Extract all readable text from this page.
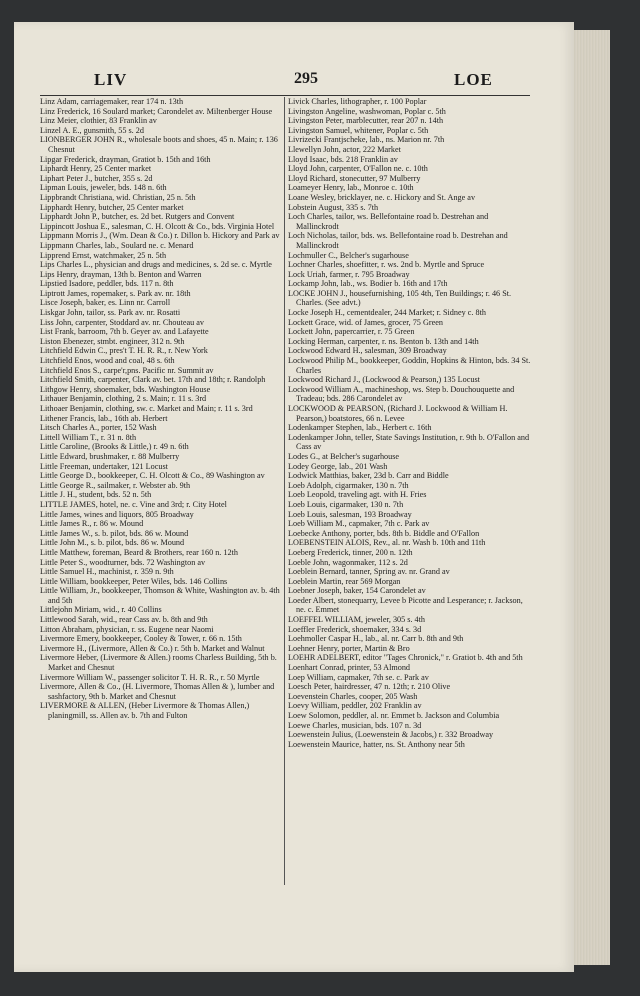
LIV	295	LOE

Linz Adam, carriagemaker, rear 174 n. 13th

Linz Frederick, 16 Soulard market; Carondelet av. Miltenberger House

Linz Meier, clothier, 83 Franklin av

Linzel A. E., gunsmith, 55 s. 2d

LIONBERGER JOHN R., wholesale boots and shoes, 45 n. Main; r. 136 Chesnut

Lipgar Frederick, drayman, Gratiot b. 15th and 16th

Liphardt Henry, 25 Center market

Liphart Peter J., butcher, 355 s. 2d

Lipman Louis, jeweler, bds. 148 n. 6th

Lippbrandt Christiana, wid. Christian, 25 n. 5th

Lipphardt Henry, butcher, 25 Center market

Lipphardt John P., butcher, es. 2d bet. Rutgers and Convent

Lippincott Joshua E., salesman, C. H. Olcott & Co., bds. Virginia Hotel

Lippmann Morris J., (Wm. Dean & Co.) r. Dillon b. Hickory and Park av

Lippmann Charles, lab., Soulard ne. c. Menard

Lipprend Ernst, watchmaker, 25 n. 5th

Lips Charles L., physician and drugs and medicines, s. 2d se. c. Myrtle

Lips Henry, drayman, 13th b. Benton and Warren

Lipstied Isadore, peddler, bds. 117 n. 8th

Liptrott James, ropemaker, s. Park av. nr. 18th

Lisce Joseph, baker, es. Linn nr. Carroll

Liskgar John, tailor, ss. Park av. nr. Rosatti

Liss John, carpenter, Stoddard av. nr. Chouteau av

List Frank, barroom, 7th b. Geyer av. and Lafayette

Liston Ebenezer, stmbt. engineer, 312 n. 9th

Litchfield Edwin C., pres't T. H. R. R., r. New York

Litchfield Enos, wood and coal, 48 s. 6th

Litchfield Enos S., carpe'r,pns. Pacific nr. Summit av

Litchfield Smith, carpenter, Clark av. bet. 17th and 18th; r. Randolph

Lithgow Henry, shoemaker, bds. Washington House

Lithauer Benjamin, clothing, 2 s. Main; r. 11 s. 3rd

Lithoaer Benjamin, clothing, sw. c. Market and Main; r. 11 s. 3rd

Lithener Francis, lab., 16th ab. Herbert

Litsch Charles A., porter, 152 Wash

Littell William T., r. 31 n. 8th

Little Caroline, (Brooks & Little,) r. 49 n. 6th

Little Edward, brushmaker, r. 88 Mulberry

Little Freeman, undertaker, 121 Locust

Little George D., bookkeeper, C. H. Olcott & Co., 89 Washington av

Little George R., sailmaker, r. Webster ab. 9th

Little J. H., student, bds. 52 n. 5th

LITTLE JAMES, hotel, ne. c. Vine and 3rd; r. City Hotel

Little James, wines and liquors, 805 Broadway

Little James R., r. 86 w. Mound

Little James W., s. b. pilot, bds. 86 w. Mound

Little John M., s. b. pilot, bds. 86 w. Mound

Little Matthew, foreman, Beard & Brothers, rear 160 n. 12th

Little Peter S., woodturner, bds. 72 Washington av

Little Samuel H., machinist, r. 359 n. 9th

Little William, bookkeeper, Peter Wiles, bds. 146 Collins

Little William, Jr., bookkeeper, Thomson & White, Washington av. b. 4th and 5th

Littlejohn Miriam, wid., r. 40 Collins

Littlewood Sarah, wid., rear Cass av. b. 8th and 9th

Litton Abraham, physician, r. ss. Eugene near Naomi

Livermore Emery, bookkeeper, Cooley & Tower, r. 66 n. 15th

Livermore H., (Livermore, Allen & Co.) r. 5th b. Market and Walnut

Livermore Heber, (Livermore & Allen.) rooms Charless Building, 5th b. Market and Chesnut

Livermore William W., passenger solicitor T. H. R. R., r. 50 Myrtle

Livermore, Allen & Co., (H. Livermore, Thomas Allen & ), lumber and sashfactory, 9th b. Market and Chesnut

LIVERMORE & ALLEN, (Heber Livermore & Thomas Allen,) planingmill, ss. Allen av. b. 7th and Fulton

Livick Charles, lithographer, r. 100 Poplar

Livingston Angeline, washwoman, Poplar c. 5th

Livingston Peter, marblecutter, rear 207 n. 14th

Livingston Samuel, whitener, Poplar c. 5th

Livrizecki Frantjscheke, lab., ns. Marion nr. 7th

Llewellyn John, actor, 222 Market

Lloyd Isaac, bds. 218 Franklin av

Lloyd John, carpenter, O'Fallon ne. c. 10th

Lloyd Richard, stonecutter, 97 Mulberry

Loameyer Henry, lab., Monroe c. 10th

Loane Wesley, bricklayer, ne. c. Hickory and St. Ange av

Lobstein August, 335 s. 7th

Loch Charles, tailor, ws. Bellefontaine road b. Destrehan and Mallinckrodt

Loch Nicholas, tailor, bds. ws. Bellefontaine road b. Destrehan and Mallinckrodt

Lochmuller C., Belcher's sugarhouse

Lochner Charles, shoefitter, r. ws. 2nd b. Myrtle and Spruce

Lock Uriah, farmer, r. 795 Broadway

Lockamp John, lab., ws. Bodier b. 16th and 17th

LOCKE JOHN J., housefurnishing, 105 4th, Ten Buildings; r. 46 St. Charles. (See advt.)

Locke Joseph H., cementdealer, 244 Market; r. Sidney c. 8th

Lockett Grace, wid. of James, grocer, 75 Green

Lockett John, papercarrier, r. 75 Green

Locking Herman, carpenter, r. ns. Benton b. 13th and 14th

Lockwood Edward H., salesman, 309 Broadway

Lockwood Philip M., bookkeeper, Goddin, Hopkins & Hinton, bds. 34 St. Charles

Lockwood Richard J., (Lockwood & Pearson,) 135 Locust

Lockwood William A., machineshop, ws. Step b. Douchouquette and Tradeau; bds. 286 Carondelet av

LOCKWOOD & PEARSON, (Richard J. Lockwood & William H. Pearson,) boatstores, 66 n. Levee

Lodenkamper Stephen, lab., Herbert c. 16th

Lodenkamper John, teller, State Savings Institution, r. 9th b. O'Fallon and Cass av

Lodes G., at Belcher's sugarhouse

Lodey George, lab., 201 Wash

Lodwick Matthias, baker, 23d b. Carr and Biddle

Loeb Adolph, cigarmaker, 130 n. 7th

Loeb Leopold, traveling agt. with H. Fries

Loeb Louis, cigarmaker, 130 n. 7th

Loeb Louis, salesman, 193 Broadway

Loeb William M., capmaker, 7th c. Park av

Loebecke Anthony, porter, bds. 8th b. Biddle and O'Fallon

LOEBENSTEIN ALOIS, Rev., al. nr. Wash b. 10th and 11th

Loeberg Frederick, tinner, 200 n. 12th

Loeble John, wagonmaker, 112 s. 2d

Loeblein Bernard, tanner, Spring av. nr. Grand av

Loeblein Martin, rear 569 Morgan

Loebner Joseph, baker, 154 Carondelet av

Loeder Albert, stonequarry, Levee b Picotte and Lesperance; r. Jackson, ne. c. Emmet

LOEFFEL WILLIAM, jeweler, 305 s. 4th

Loeffler Frederick, shoemaker, 334 s. 3d

Loehmoller Caspar H., lab., al. nr. Carr b. 8th and 9th

Loehner Henry, porter, Martin & Bro

LOEHR ADELBERT, editor "Tages Chronick," r. Gratiot b. 4th and 5th

Loenhart Conrad, printer, 53 Almond

Loep William, capmaker, 7th se. c. Park av

Loesch Peter, hairdresser, 47 n. 12th; r. 210 Olive

Loevenstein Charles, cooper, 205 Wash

Loevy William, peddler, 202 Franklin av

Loew Solomon, peddler, al. nr. Emmet b. Jackson and Columbia

Loewe Charles, musician, bds. 107 n. 3d

Loewenstein Julius, (Loewenstein & Jacobs,) r. 332 Broadway

Loewenstein Maurice, hatter, ns. St. Anthony near 5th
